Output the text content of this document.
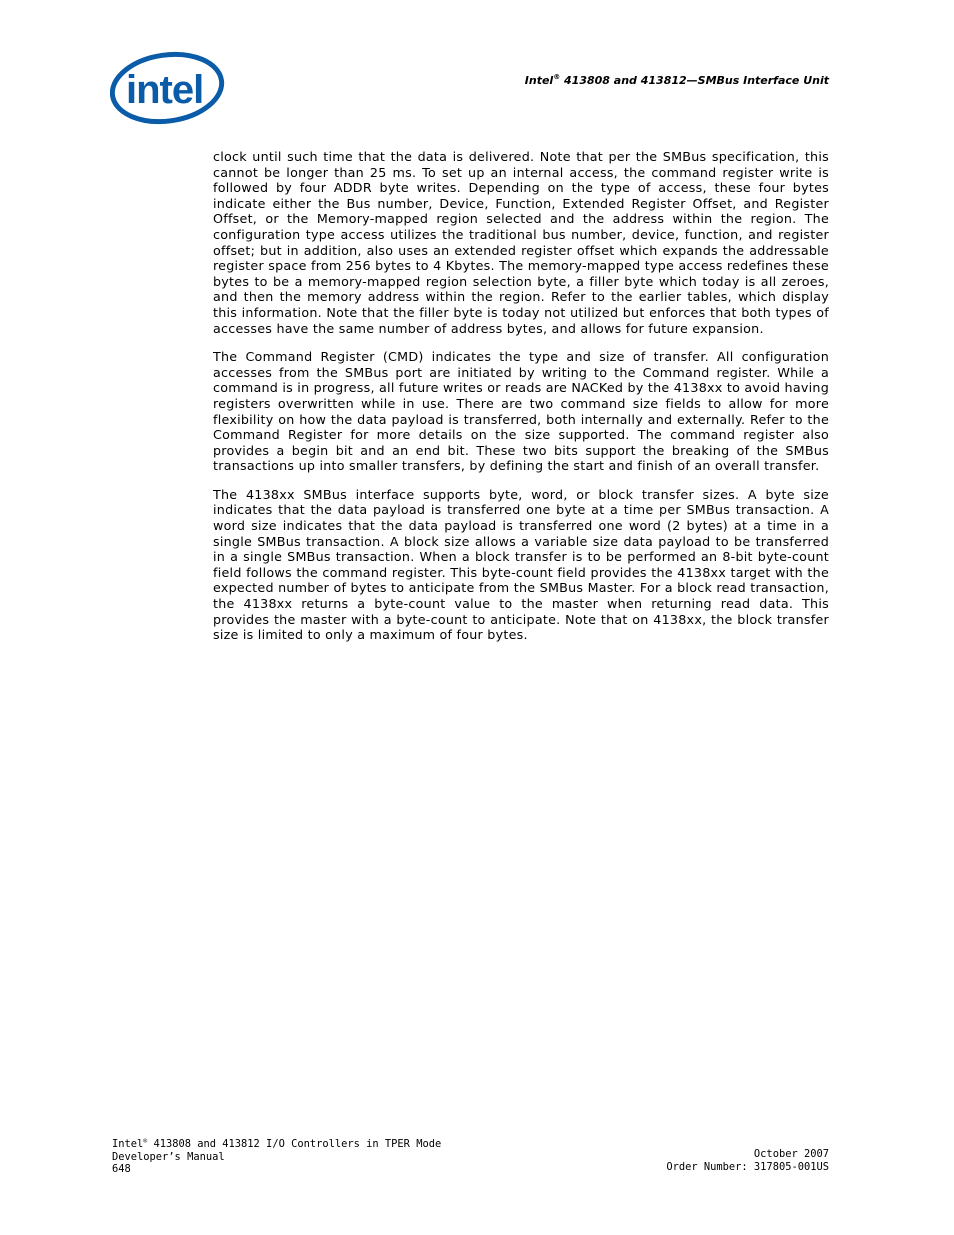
intel	Intel® 413808 and 413812—SMBus Interface Unit

clock until such time that the data is delivered. Note that per the SMBus specification, this cannot be longer than 25 ms. To set up an internal access, the command register write is followed by four ADDR byte writes. Depending on the type of access, these four bytes indicate either the Bus number, Device, Function, Extended Register Offset, and Register Offset, or the Memory-mapped region selected and the address within the region. The configuration type access utilizes the traditional bus number, device, function, and register offset; but in addition, also uses an extended register offset which expands the addressable register space from 256 bytes to 4 Kbytes. The memory-mapped type access redefines these bytes to be a memory-mapped region selection byte, a filler byte which today is all zeroes, and then the memory address within the region. Refer to the earlier tables, which display this information. Note that the filler byte is today not utilized but enforces that both types of accesses have the same number of address bytes, and allows for future expansion.

The Command Register (CMD) indicates the type and size of transfer. All configuration accesses from the SMBus port are initiated by writing to the Command register. While a command is in progress, all future writes or reads are NACKed by the 4138xx to avoid having registers overwritten while in use. There are two command size fields to allow for more flexibility on how the data payload is transferred, both internally and externally. Refer to the Command Register for more details on the size supported. The command register also provides a begin bit and an end bit. These two bits support the breaking of the SMBus transactions up into smaller transfers, by defining the start and finish of an overall transfer.

The 4138xx SMBus interface supports byte, word, or block transfer sizes. A byte size indicates that the data payload is transferred one byte at a time per SMBus transaction. A word size indicates that the data payload is transferred one word (2 bytes) at a time in a single SMBus transaction. A block size allows a variable size data payload to be transferred in a single SMBus transaction. When a block transfer is to be performed an 8-bit byte-count field follows the command register. This byte-count field provides the 4138xx target with the expected number of bytes to anticipate from the SMBus Master. For a block read transaction, the 4138xx returns a byte-count value to the master when returning read data. This provides the master with a byte-count to anticipate. Note that on 4138xx, the block transfer size is limited to only a maximum of four bytes.

Intel® 413808 and 413812 I/O Controllers in TPER Mode
Developer’s Manual
648
October 2007
Order Number: 317805-001US
